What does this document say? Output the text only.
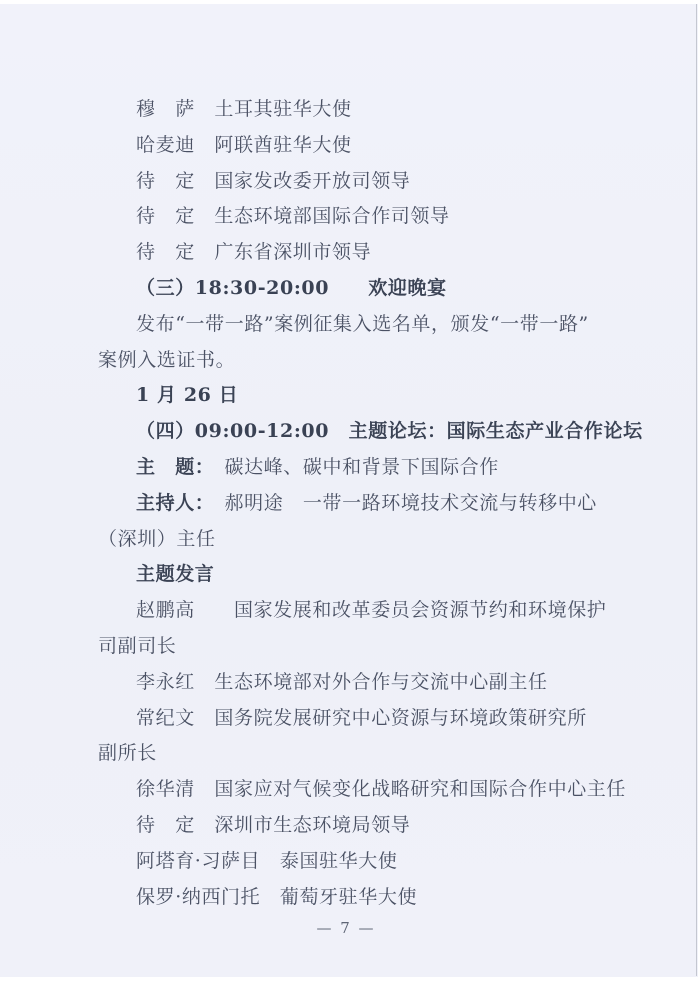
穆　萨　土耳其驻华大使
哈麦迪　阿联酋驻华大使
待　定　国家发改委开放司领导
待　定　生态环境部国际合作司领导
待　定　广东省深圳市领导
（三）18:30-20:00　　欢迎晚宴
发布“一带一路”案例征集入选名单，颁发“一带一路”
案例入选证书。
1 月 26 日
（四）09:00-12:00　主题论坛：国际生态产业合作论坛
主　题：　碳达峰、碳中和背景下国际合作
主持人：　郝明途　一带一路环境技术交流与转移中心
（深圳）主任
主题发言
赵鹏高　　国家发展和改革委员会资源节约和环境保护
司副司长
李永红　生态环境部对外合作与交流中心副主任
常纪文　国务院发展研究中心资源与环境政策研究所
副所长
徐华清　国家应对气候变化战略研究和国际合作中心主任
待　定　深圳市生态环境局领导
阿塔育·习萨目　泰国驻华大使
保罗·纳西门托　葡萄牙驻华大使
— 7 —
